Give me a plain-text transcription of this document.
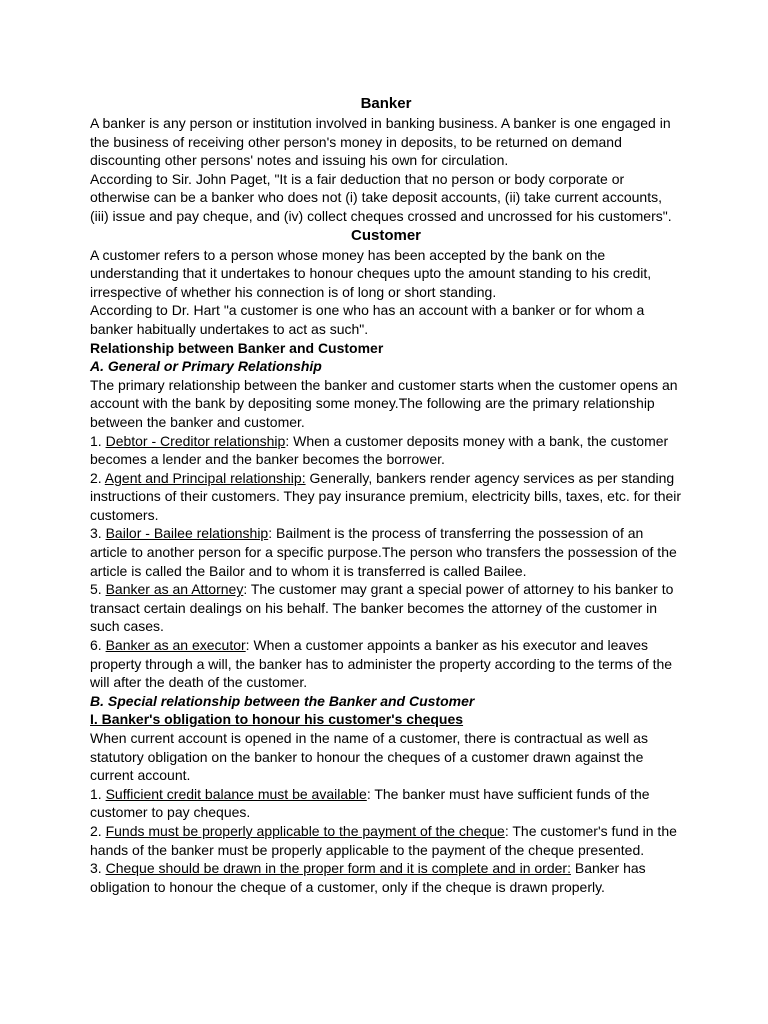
Banker

A banker is any person or institution involved in banking business. A banker is one engaged in the business of receiving other person's money in deposits, to be returned on demand discounting other persons' notes and issuing his own for circulation.

According to Sir. John Paget, "It is a fair deduction that no person or body corporate or otherwise can be a banker who does not (i) take deposit accounts, (ii) take current accounts, (iii) issue and pay cheque, and (iv) collect cheques crossed and uncrossed for his customers".

Customer

A customer refers to a person whose money has been accepted by the bank on the understanding that it undertakes to honour cheques upto the amount standing to his credit, irrespective of whether his connection is of long or short standing.

According to Dr. Hart "a customer is one who has an account with a banker or for whom a banker habitually undertakes to act as such".

Relationship between Banker and Customer

A. General or Primary Relationship

The primary relationship between the banker and customer starts when the customer opens an account with the bank by depositing some money.The following are the primary relationship between the banker and customer.

1. Debtor - Creditor relationship: When a customer deposits money with a bank, the customer becomes a lender and the banker becomes the borrower.

2. Agent and Principal relationship: Generally, bankers render agency services as per standing instructions of their customers. They pay insurance premium, electricity bills, taxes, etc. for their customers.

3. Bailor - Bailee relationship: Bailment is the process of transferring the possession of an article to another person for a specific purpose.The person who transfers the possession of the article is called the Bailor and to whom it is transferred is called Bailee.

5. Banker as an Attorney: The customer may grant a special power of attorney to his banker to transact certain dealings on his behalf. The banker becomes the attorney of the customer in such cases.

6. Banker as an executor: When a customer appoints a banker as his executor and leaves property through a will, the banker has to administer the property according to the terms of the will after the death of the customer.

B. Special relationship between the Banker and Customer

I. Banker's obligation to honour his customer's cheques

When current account is opened in the name of a customer, there is contractual as well as statutory obligation on the banker to honour the cheques of a customer drawn against the current account.

1. Sufficient credit balance must be available: The banker must have sufficient funds of the customer to pay cheques.

2. Funds must be properly applicable to the payment of the cheque: The customer's fund in the hands of the banker must be properly applicable to the payment of the cheque presented.

3. Cheque should be drawn in the proper form and it is complete and in order: Banker has obligation to honour the cheque of a customer, only if the cheque is drawn properly.
